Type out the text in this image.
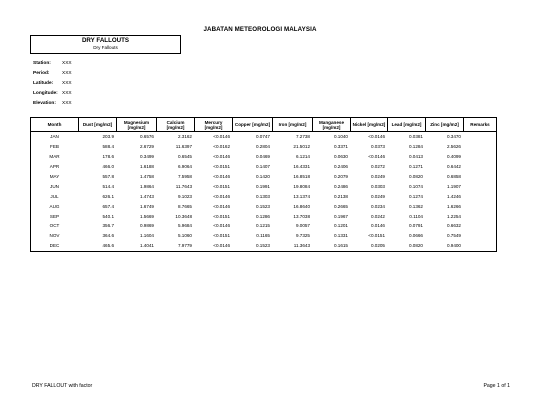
JABATAN METEOROLOGI MALAYSIA
DRY FALLOUTS
Dry Fallouts
Station: XXX
Period:	XXX
Latitude: XXX
Longitude: XXX
Elevation: XXX
Month	Dust [mg/m2]	Magnesium [mg/m2]	Calcium [mg/m2]	Mercury [mg/m2]	Copper [mg/m2]	Iron [mg/m2]	Manganese [mg/m2]	Nickel [mg/m2]	Lead [mg/m2]	Zinc [mg/m2]	Remarks
JAN	203.9	0.6576	2.3162	<0.0146	0.0747	7.2738	0.1040	<0.0146	0.0381	0.3470	
FEB	588.4	2.6729	11.6397	<0.0162	0.2804	21.5012	0.3371	0.0373	0.1284	2.5626	
MAR	178.6	0.3499	0.6545	<0.0146	0.0469	6.1214	0.0630	<0.0146	0.0413	0.4099	
APR	466.0	1.6188	6.9064	<0.0151	0.1407	16.4331	0.2406	0.0272	0.1271	0.6442	
MAY	557.8	1.4758	7.5958	<0.0146	0.1420	16.8518	0.2079	0.0249	0.0820	0.6858	
JUN	514.4	1.9864	11.7643	<0.0151	0.1991	19.8084	0.2486	0.0303	0.1074	1.1907	
JUL	626.1	1.4743	9.1023	<0.0146	0.1303	13.1374	0.2138	0.0249	0.1274	1.4246	
AUG	657.4	1.6749	8.7665	<0.0146	0.1523	16.8640	0.2665	0.0234	0.1362	1.6266	
SEP	540.1	1.5669	10.3648	<0.0151	0.1286	13.7038	0.1967	0.0242	0.1104	1.2254	
OCT	356.7	0.9869	5.9684	<0.0146	0.1215	9.0057	0.1201	0.0146	0.0791	0.6632	
NOV	364.6	1.1604	5.1060	<0.0151	0.1165	9.7325	0.1331	<0.0151	0.0666	0.7549	
DEC	465.6	1.4041	7.9779	<0.0146	0.1523	11.3643	0.1615	0.0205	0.0820	0.9400	
DRY FALLOUT with factor	Page 1 of 1
